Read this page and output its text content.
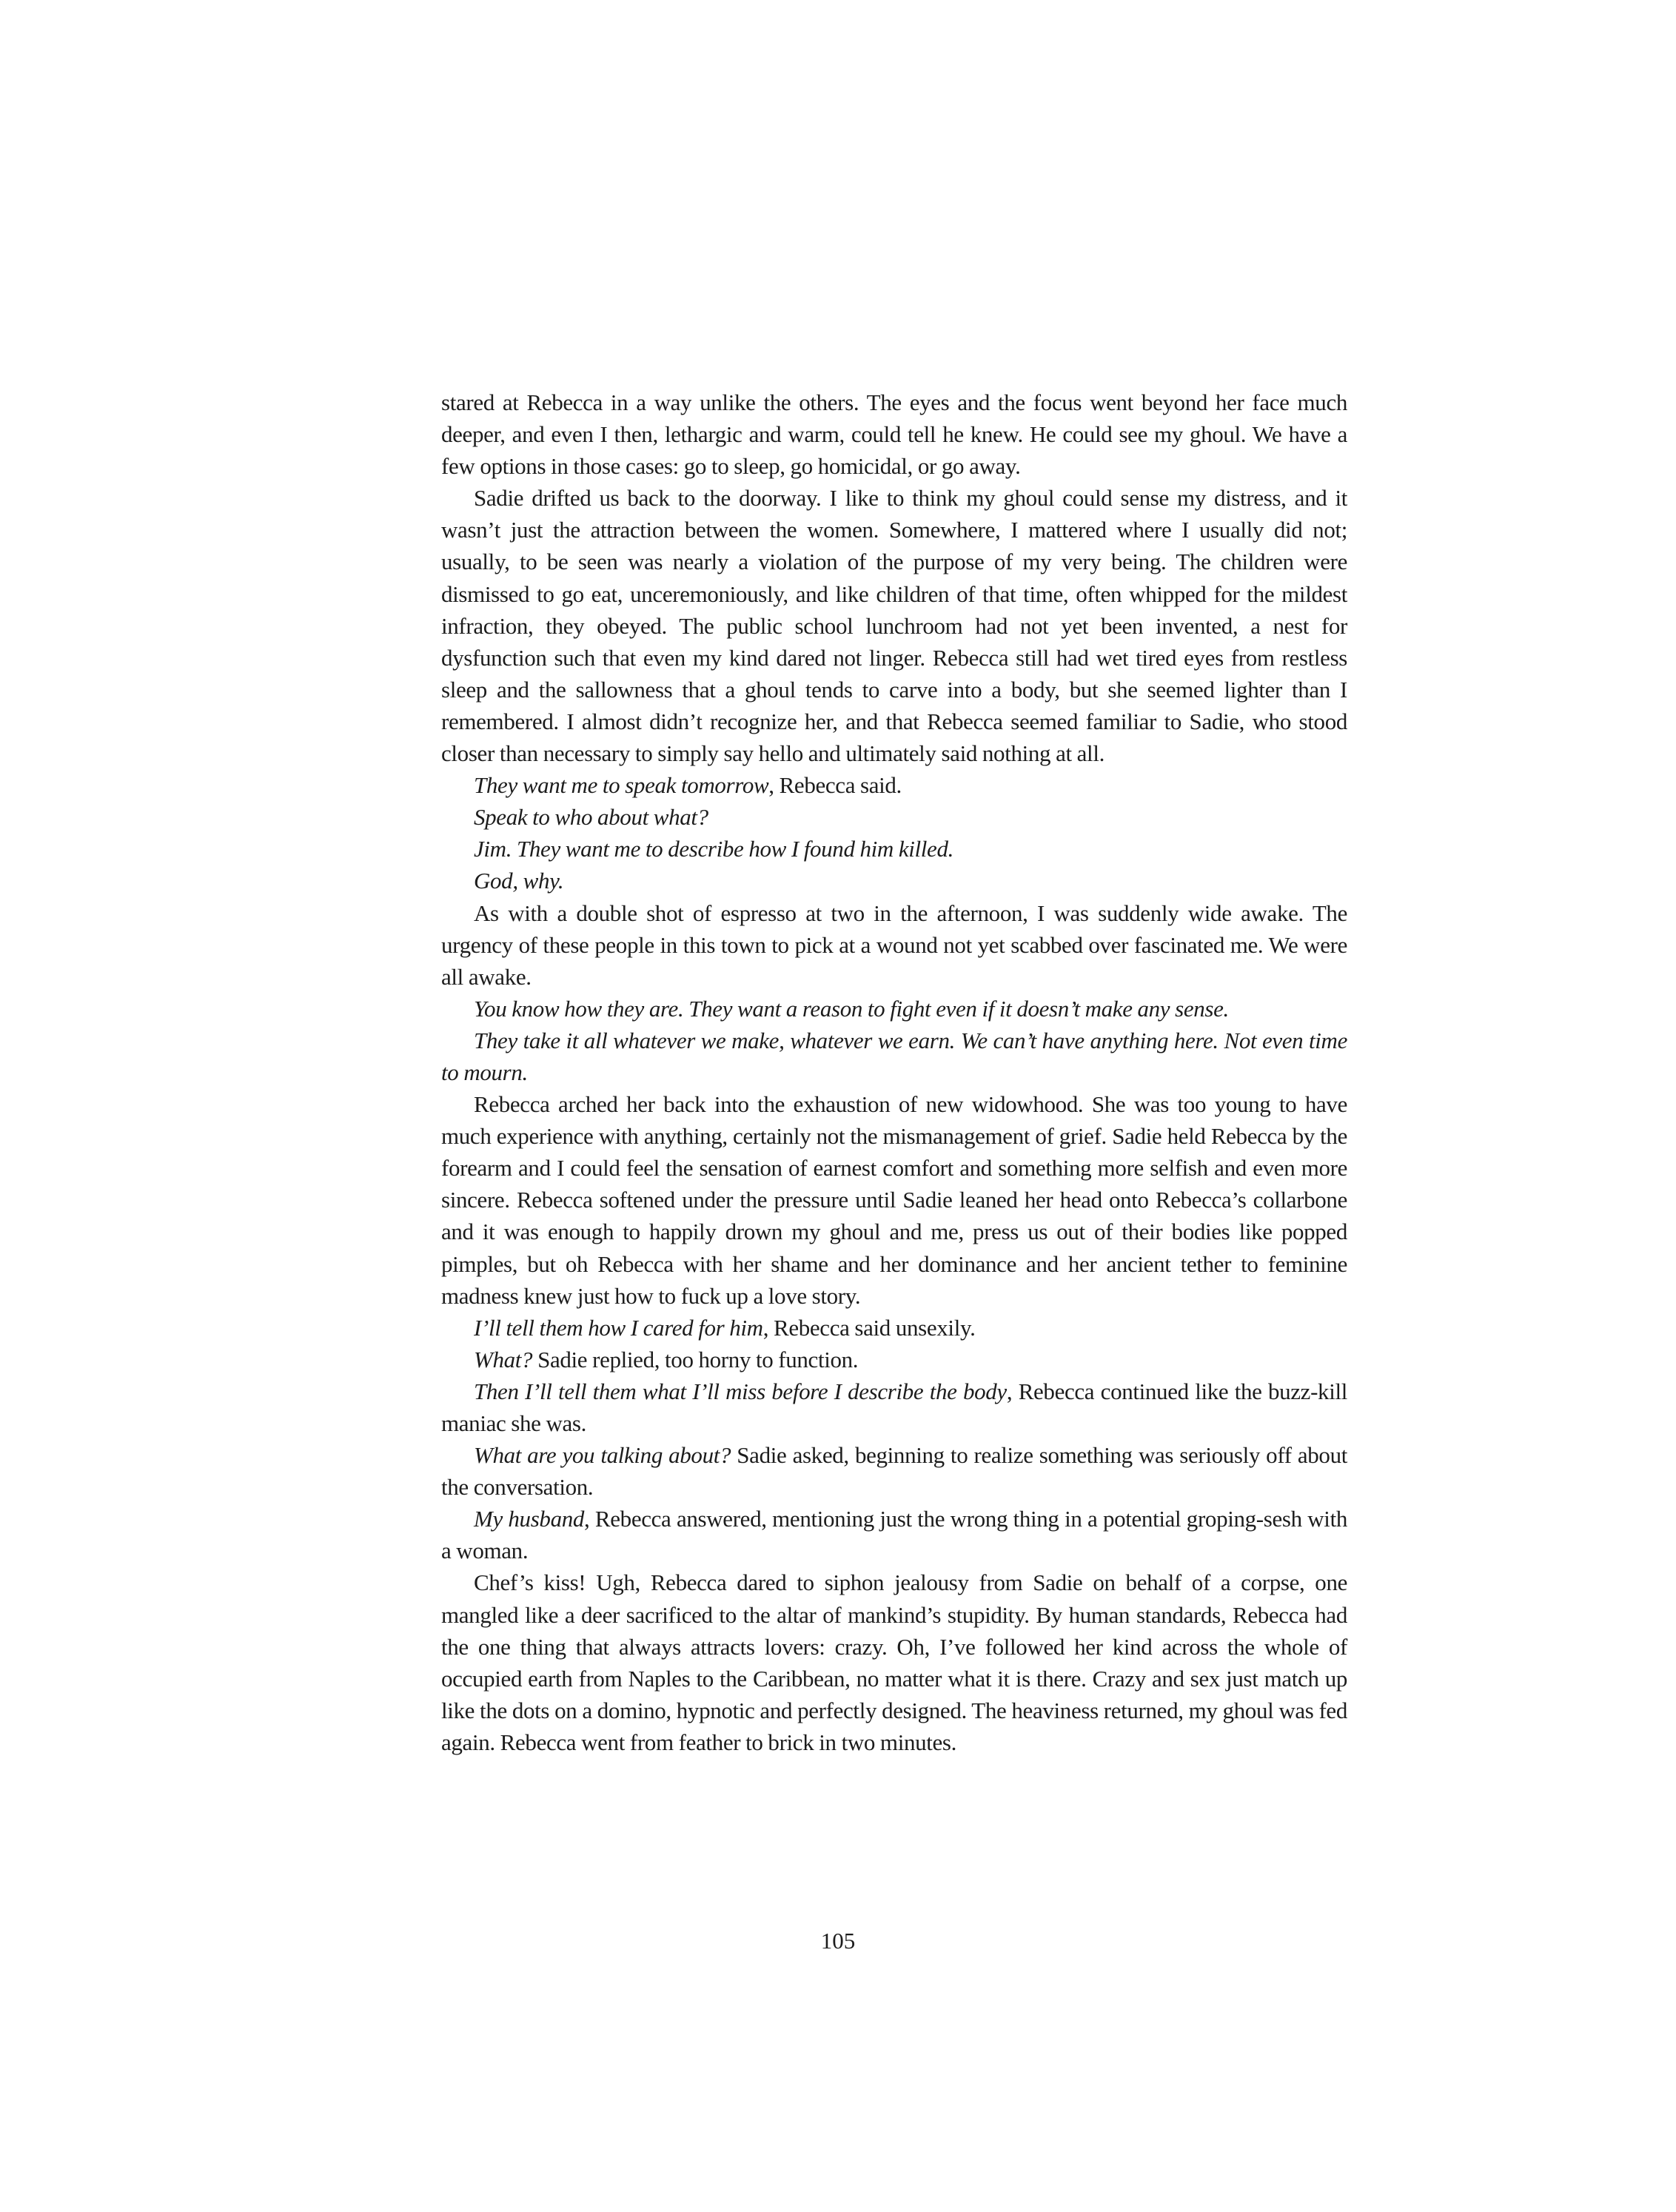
stared at Rebecca in a way unlike the others. The eyes and the focus went beyond her face much deeper, and even I then, lethargic and warm, could tell he knew. He could see my ghoul. We have a few options in those cases: go to sleep, go homicidal, or go away.

Sadie drifted us back to the doorway. I like to think my ghoul could sense my distress, and it wasn’t just the attraction between the women. Somewhere, I mattered where I usually did not; usually, to be seen was nearly a violation of the purpose of my very being. The children were dismissed to go eat, unceremoniously, and like children of that time, often whipped for the mildest infraction, they obeyed. The public school lunchroom had not yet been invented, a nest for dysfunction such that even my kind dared not linger. Rebecca still had wet tired eyes from restless sleep and the sallowness that a ghoul tends to carve into a body, but she seemed lighter than I remembered. I almost didn’t recognize her, and that Rebecca seemed familiar to Sadie, who stood closer than necessary to simply say hello and ultimately said nothing at all.

They want me to speak tomorrow, Rebecca said.

Speak to who about what?

Jim. They want me to describe how I found him killed.

God, why.

As with a double shot of espresso at two in the afternoon, I was suddenly wide awake. The urgency of these people in this town to pick at a wound not yet scabbed over fascinated me. We were all awake.

You know how they are. They want a reason to fight even if it doesn’t make any sense.

They take it all whatever we make, whatever we earn. We can’t have anything here. Not even time to mourn.

Rebecca arched her back into the exhaustion of new widowhood. She was too young to have much experience with anything, certainly not the mismanagement of grief. Sadie held Rebecca by the forearm and I could feel the sensation of earnest comfort and something more selfish and even more sincere. Rebecca softened under the pressure until Sadie leaned her head onto Rebecca’s collarbone and it was enough to happily drown my ghoul and me, press us out of their bodies like popped pimples, but oh Rebecca with her shame and her dominance and her ancient tether to feminine madness knew just how to fuck up a love story.

I’ll tell them how I cared for him, Rebecca said unsexily.

What? Sadie replied, too horny to function.

Then I’ll tell them what I’ll miss before I describe the body, Rebecca continued like the buzz-kill maniac she was.

What are you talking about? Sadie asked, beginning to realize something was seriously off about the conversation.

My husband, Rebecca answered, mentioning just the wrong thing in a potential groping-sesh with a woman.

Chef’s kiss! Ugh, Rebecca dared to siphon jealousy from Sadie on behalf of a corpse, one mangled like a deer sacrificed to the altar of mankind’s stupidity. By human standards, Rebecca had the one thing that always attracts lovers: crazy. Oh, I’ve followed her kind across the whole of occupied earth from Naples to the Caribbean, no matter what it is there. Crazy and sex just match up like the dots on a domino, hypnotic and perfectly designed. The heaviness returned, my ghoul was fed again. Rebecca went from feather to brick in two minutes.

105
